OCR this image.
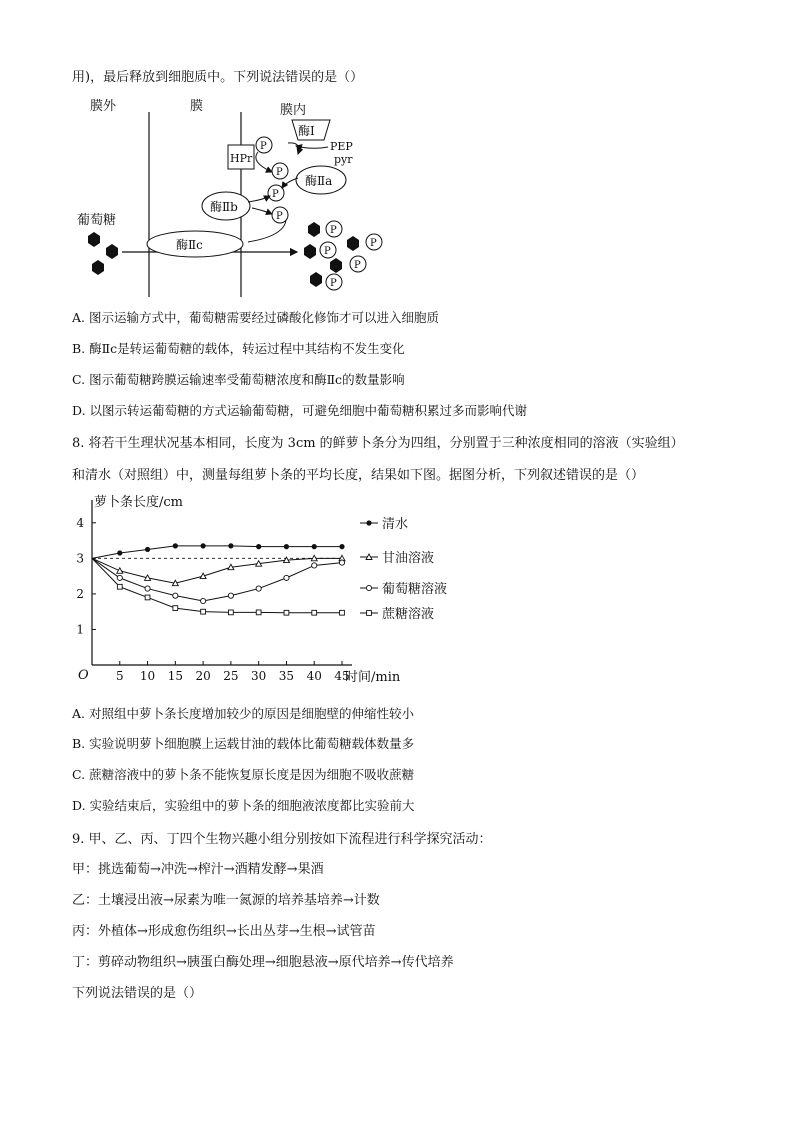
用)，最后释放到细胞质中。下列说法错误的是（）
膜外	膜	膜内
酶Ⅰ
HPr
PEP
pyr
酶Ⅱa
酶Ⅱb
P
P
P
P
葡萄糖
酶Ⅱc
P
P
P
P
P
A. 图示运输方式中，葡萄糖需要经过磷酸化修饰才可以进入细胞质
B. 酶Ⅱc是转运葡萄糖的载体，转运过程中其结构不发生变化
C. 图示葡萄糖跨膜运输速率受葡萄糖浓度和酶Ⅱc的数量影响
D. 以图示转运葡萄糖的方式运输葡萄糖，可避免细胞中葡萄糖积累过多而影响代谢
8. 将若干生理状况基本相同，长度为 3cm 的鲜萝卜条分为四组，分别置于三种浓度相同的溶液（实验组）
和清水（对照组）中，测量每组萝卜条的平均长度，结果如下图。据图分析，下列叙述错误的是（）
萝卜条长度/cm
时间/min
O 5 10 15 20 25 30 35 40 45
1
2
3
4	清水
甘油溶液
葡萄糖溶液
蔗糖溶液
A. 对照组中萝卜条长度增加较少的原因是细胞壁的伸缩性较小
B. 实验说明萝卜细胞膜上运载甘油的载体比葡萄糖载体数量多
C. 蔗糖溶液中的萝卜条不能恢复原长度是因为细胞不吸收蔗糖
D. 实验结束后，实验组中的萝卜条的细胞液浓度都比实验前大
9. 甲、乙、丙、丁四个生物兴趣小组分别按如下流程进行科学探究活动：
甲：挑选葡萄→冲洗→榨汁→酒精发酵→果酒
乙：土壤浸出液→尿素为唯一氮源的培养基培养→计数
丙：外植体→形成愈伤组织→长出丛芽→生根→试管苗
丁：剪碎动物组织→胰蛋白酶处理→细胞悬液→原代培养→传代培养
下列说法错误的是（）
